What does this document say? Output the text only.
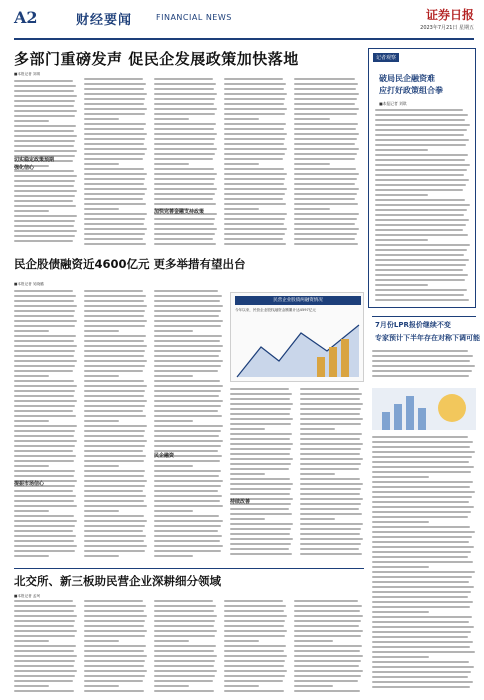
A2	财经要闻	FINANCIAL NEWS	证券日报
2023年7月21日 星期五
多部门重磅发声 促民企发展政策加快落地
■本报记者 刘琪
切实稳定政策预期
强化信心
加快完善金融支持政策
记者观察
破局民企融资难
应打好政策组合拳
■本报记者 刘琪
民企股债融资近4600亿元 更多举措有望出台
■本报记者 吴晓璐
提振市场信心
民企融资
持续改善
民营企业股债两融资情况
今年以来，民营企业股权融资金额累计达4597亿元
7月份LPR报价继续不变
专家预计下半年存在对称下调可能
北交所、新三板助民营企业深耕细分领域
■本报记者 孟珂
